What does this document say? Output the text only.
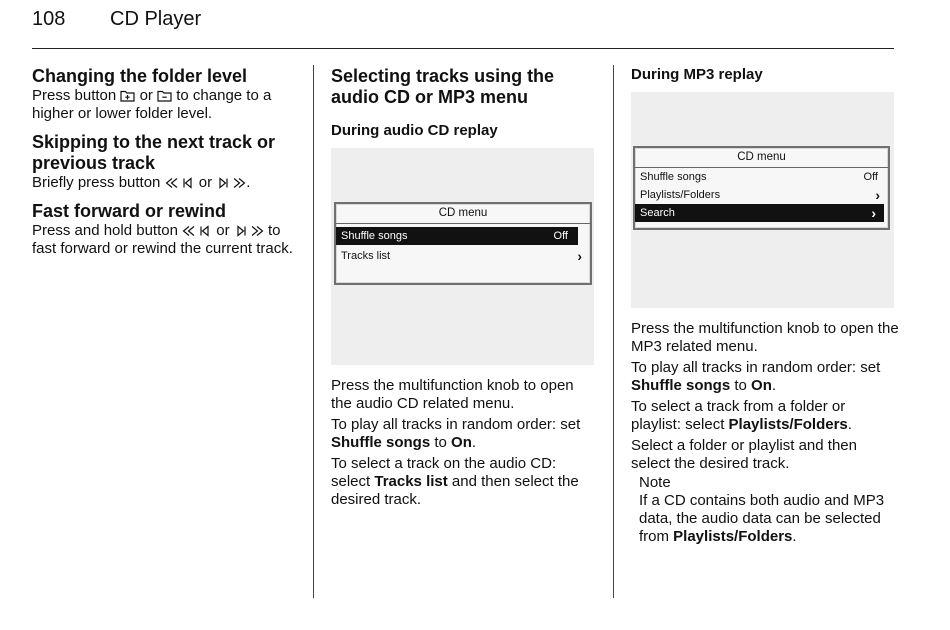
108 CD Player
Changing the folder level

Press button or to change to a higher or lower folder level.

Skipping to the next track or previous track

Briefly press button	or .

Fast forward or rewind

Press and hold button	or	to fast forward or rewind the current track.

Selecting tracks using the audio CD or MP3 menu
During audio CD replay
CD menu
Shuffle songs	Off
Tracks list	›

Press the multifunction knob to open the audio CD related menu.

To play all tracks in random order: set Shuffle songs to On.

To select a track on the audio CD: select Tracks list and then select the desired track.

During MP3 replay
CD menu
Shuffle songs	Off
Playlists/Folders	›
Search	›

Press the multifunction knob to open the MP3 related menu.

To play all tracks in random order: set Shuffle songs to On.

To select a track from a folder or playlist: select Playlists/Folders.

Select a folder or playlist and then select the desired track.

Note

If a CD contains both audio and MP3 data, the audio data can be selected from Playlists/Folders.
